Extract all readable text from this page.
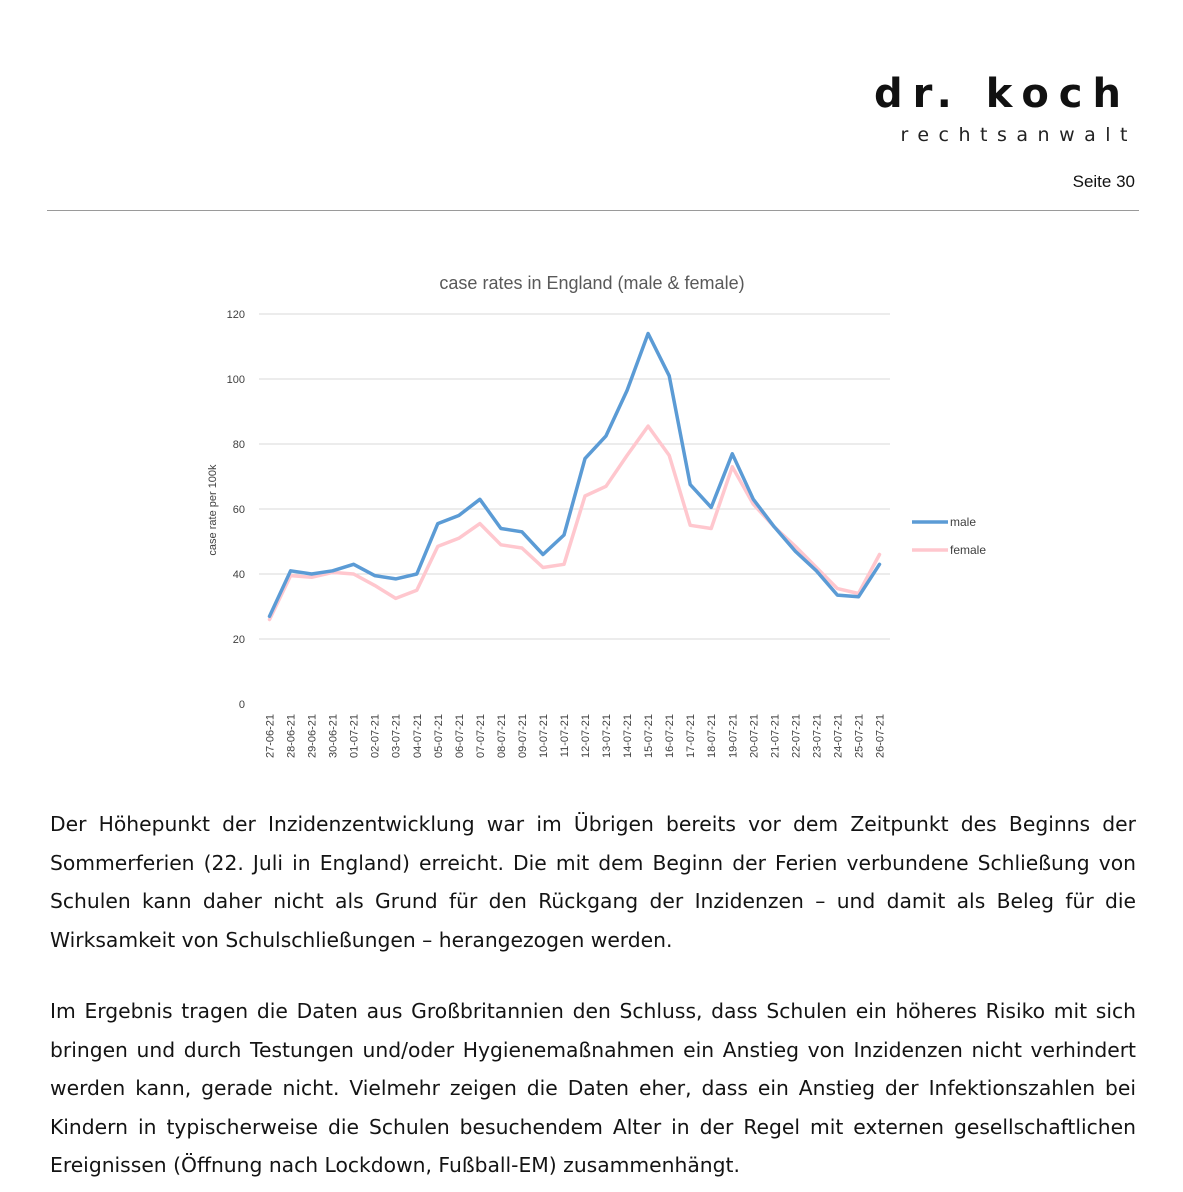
dr. koch
rechtsanwalt
Seite 30
case rates in England (male & female)
0
20
40
60
80
100
120
27-06-21 28-06-21 29-06-21 30-06-21 01-07-21 02-07-21 03-07-21 04-07-21 05-07-21 06-07-21 07-07-21 08-07-21 09-07-21 10-07-21 11-07-21 12-07-21 13-07-21 14-07-21 15-07-21 16-07-21 17-07-21 18-07-21 19-07-21 20-07-21 21-07-21 22-07-21 23-07-21 24-07-21 25-07-21 26-07-21
case rate per 100k	male
female

Der Höhepunkt der Inzidenzentwicklung war im Übrigen bereits vor dem Zeitpunkt des Beginns der Sommerferien (22. Juli in England) erreicht. Die mit dem Beginn der Ferien verbundene Schließung von Schulen kann daher nicht als Grund für den Rückgang der Inzidenzen – und damit als Beleg für die Wirksamkeit von Schulschließungen – herangezogen werden.

Im Ergebnis tragen die Daten aus Großbritannien den Schluss, dass Schulen ein höheres Risiko mit sich bringen und durch Testungen und/oder Hygienemaßnahmen ein Anstieg von Inzidenzen nicht verhindert werden kann, gerade nicht. Vielmehr zeigen die Daten eher, dass ein Anstieg der Infektionszahlen bei Kindern in typischerweise die Schulen besuchendem Alter in der Regel mit externen gesellschaftlichen Ereignissen (Öffnung nach Lockdown, Fußball-EM) zusammenhängt.
